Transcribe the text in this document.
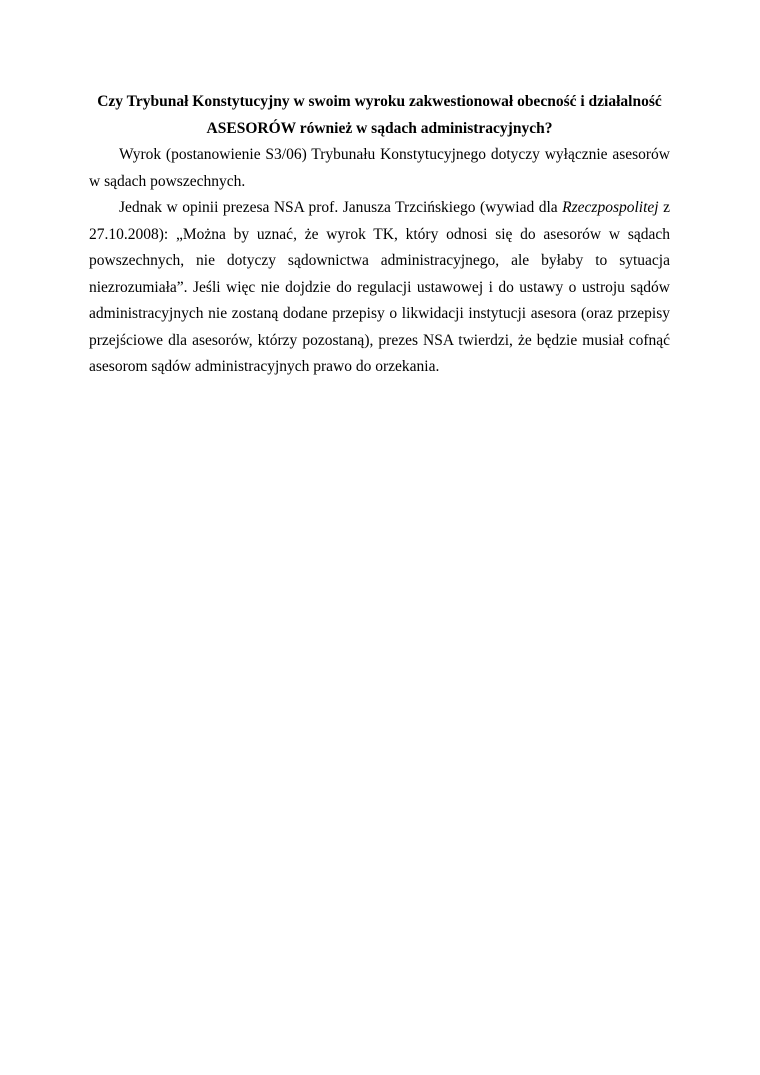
Czy Trybunał Konstytucyjny w swoim wyroku zakwestionował obecność i działalność ASESORÓW również w sądach administracyjnych?

Wyrok (postanowienie S3/06) Trybunału Konstytucyjnego dotyczy wyłącznie asesorów w sądach powszechnych.

Jednak w opinii prezesa NSA prof. Janusza Trzcińskiego (wywiad dla Rzeczpospolitej z 27.10.2008): „Można by uznać, że wyrok TK, który odnosi się do asesorów w sądach powszechnych, nie dotyczy sądownictwa administracyjnego, ale byłaby to sytuacja niezrozumiała”. Jeśli więc nie dojdzie do regulacji ustawowej i do ustawy o ustroju sądów administracyjnych nie zostaną dodane przepisy o likwidacji instytucji asesora (oraz przepisy przejściowe dla asesorów, którzy pozostaną), prezes NSA twierdzi, że będzie musiał cofnąć asesorom sądów administracyjnych prawo do orzekania.
